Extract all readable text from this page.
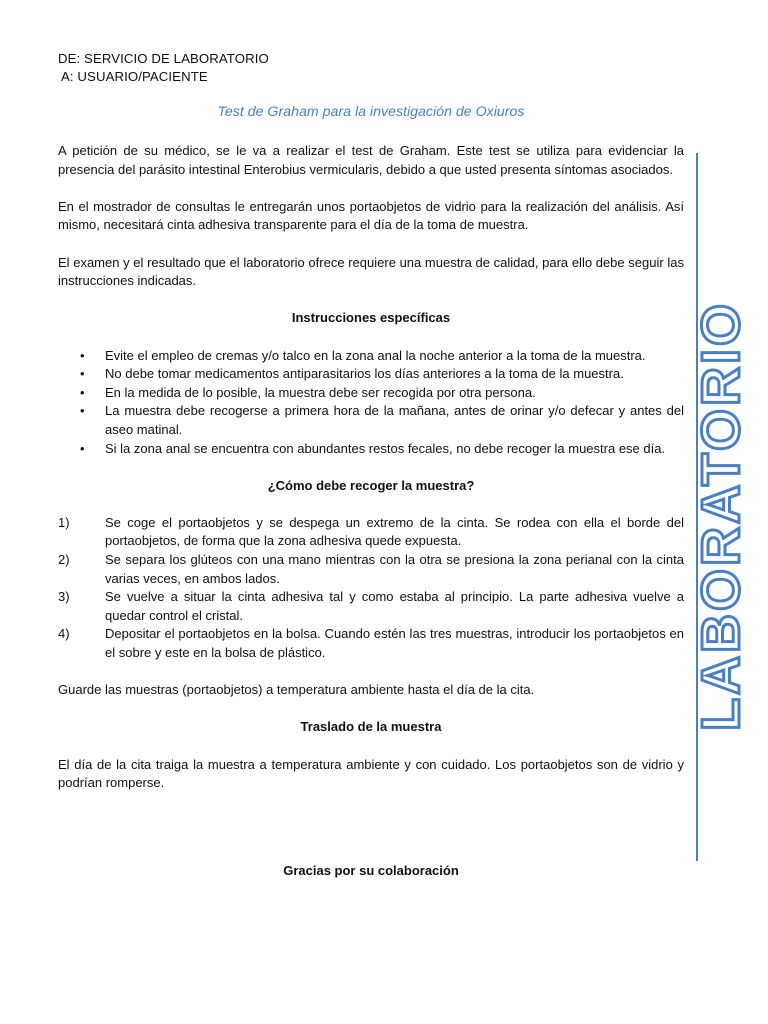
DE: SERVICIO DE LABORATORIO
A: USUARIO/PACIENTE
Test de Graham para la investigación de Oxiuros

A petición de su médico, se le va a realizar el test de Graham. Este test se utiliza para evidenciar la presencia del parásito intestinal Enterobius vermicularis, debido a que usted presenta síntomas asociados.

En el mostrador de consultas le entregarán unos portaobjetos de vidrio para la realización del análisis. Así mismo, necesitará cinta adhesiva transparente para el día de la toma de muestra.

El examen y el resultado que el laboratorio ofrece requiere una muestra de calidad, para ello debe seguir las instrucciones indicadas.

Instrucciones específicas
• Evite el empleo de cremas y/o talco en la zona anal la noche anterior a la toma de la muestra.
• No debe tomar medicamentos antiparasitarios los días anteriores a la toma de la muestra.
• En la medida de lo posible, la muestra debe ser recogida por otra persona.
• La muestra debe recogerse a primera hora de la mañana, antes de orinar y/o defecar y antes del aseo matinal.
• Si la zona anal se encuentra con abundantes restos fecales, no debe recoger la muestra ese día.
¿Cómo debe recoger la muestra?
1)	Se coge el portaobjetos y se despega un extremo de la cinta. Se rodea con ella el borde del portaobjetos, de forma que la zona adhesiva quede expuesta.
2)	Se separa los glúteos con una mano mientras con la otra se presiona la zona perianal con la cinta varias veces, en ambos lados.
3)	Se vuelve a situar la cinta adhesiva tal y como estaba al principio. La parte adhesiva vuelve a quedar control el cristal.
4)	Depositar el portaobjetos en la bolsa. Cuando estén las tres muestras, introducir los portaobjetos en el sobre y este en la bolsa de plástico.

Guarde las muestras (portaobjetos) a temperatura ambiente hasta el día de la cita.

Traslado de la muestra

El día de la cita traiga la muestra a temperatura ambiente y con cuidado. Los portaobjetos son de vidrio y podrían romperse.

Gracias por su colaboración
LABORATORIO
